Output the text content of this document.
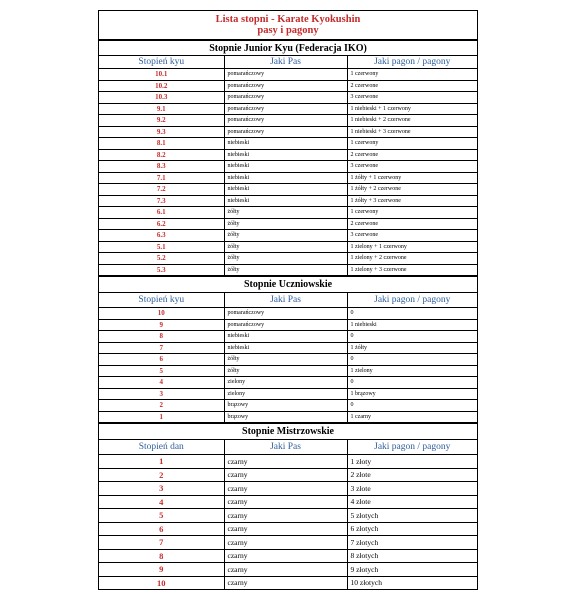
Lista stopni - Karate Kyokushin
pasy i pagony
Stopnie Junior Kyu (Federacja IKO)		
Stopień kyu	Jaki Pas	Jaki pagon / pagony
10.1	pomarańczowy	1 czerwony
10.2	pomarańczowy	2 czerwone
10.3	pomarańczowy	3 czerwone
9.1	pomarańczowy	1 niebieski + 1 czerwony
9.2	pomarańczowy	1 niebieski + 2 czerwone
9.3	pomarańczowy	1 niebieski + 3 czerwone
8.1	niebieski	1 czerwony
8.2	niebieski	2 czerwone
8.3	niebieski	3 czerwone
7.1	niebieski	1 żółty + 1 czerwony
7.2	niebieski	1 żółty + 2 czerwone
7.3	niebieski	1 żółty + 3 czerwone
6.1	żółty	1 czerwony
6.2	żółty	2 czerwone
6.3	żółty	3 czerwone
5.1	żółty	1 zielony + 1 czerwony
5.2	żółty	1 zielony + 2 czerwone
5.3	żółty	1 zielony + 3 czerwone
Stopnie Uczniowskie		
Stopień kyu	Jaki Pas	Jaki pagon / pagony
10	pomarańczowy	0
9	pomarańczowy	1 niebieski
8	niebieski	0
7	niebieski	1 żółty
6	żółty	0
5	żółty	1 zielony
4	zielony	0
3	zielony	1 brązowy
2	brązowy	0
1	brązowy	1 czarny
Stopnie Mistrzowskie		
Stopień dan	Jaki Pas	Jaki pagon / pagony
1	czarny	1 złoty
2	czarny	2 złote
3	czarny	3 złote
4	czarny	4 złote
5	czarny	5 złotych
6	czarny	6 złotych
7	czarny	7 złotych
8	czarny	8 złotych
9	czarny	9 złotych
10	czarny	10 złotych
